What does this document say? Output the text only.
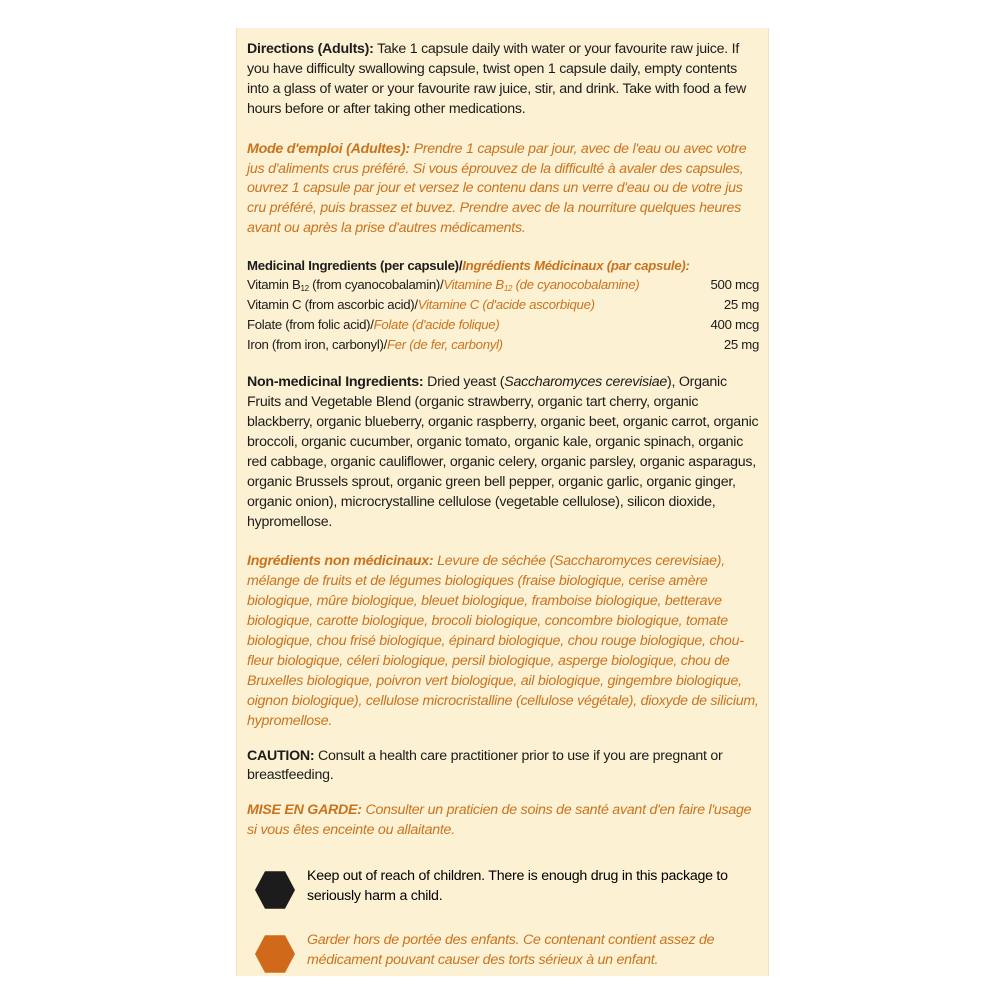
Directions (Adults): Take 1 capsule daily with water or your favourite raw juice. If you have difficulty swallowing capsule, twist open 1 capsule daily, empty contents into a glass of water or your favourite raw juice, stir, and drink. Take with food a few hours before or after taking other medications.

Mode d'emploi (Adultes): Prendre 1 capsule par jour, avec de l'eau ou avec votre jus d'aliments crus préféré. Si vous éprouvez de la difficulté à avaler des capsules, ouvrez 1 capsule par jour et versez le contenu dans un verre d'eau ou de votre jus cru préféré, puis brassez et buvez. Prendre avec de la nourriture quelques heures avant ou après la prise d'autres médicaments.

Medicinal Ingredients (per capsule)/Ingrédients Médicinaux (par capsule):
Vitamin $B_{12}$ (from cyanocobalamin)/Vitamine $B_{12}$ (de cyanocobalamine)	500 mcg
Vitamin C (from ascorbic acid)/Vitamine C (d'acide ascorbique)	25 mg
Folate (from folic acid)/Folate (d'acide folique)	400 mcg
Iron (from iron, carbonyl)/Fer (de fer, carbonyl)	25 mg

Non-medicinal Ingredients: Dried yeast (Saccharomyces cerevisiae), Organic Fruits and Vegetable Blend (organic strawberry, organic tart cherry, organic blackberry, organic blueberry, organic raspberry, organic beet, organic carrot, organic broccoli, organic cucumber, organic tomato, organic kale, organic spinach, organic red cabbage, organic cauliflower, organic celery, organic parsley, organic asparagus, organic Brussels sprout, organic green bell pepper, organic garlic, organic ginger, organic onion), microcrystalline cellulose (vegetable cellulose), silicon dioxide, hypromellose.

Ingrédients non médicinaux: Levure de séchée (Saccharomyces cerevisiae), mélange de fruits et de légumes biologiques (fraise biologique, cerise amère biologique, mûre biologique, bleuet biologique, framboise biologique, betterave biologique, carotte biologique, brocoli biologique, concombre biologique, tomate biologique, chou frisé biologique, épinard biologique, chou rouge biologique, chou-fleur biologique, céleri biologique, persil biologique, asperge biologique, chou de Bruxelles biologique, poivron vert biologique, ail biologique, gingembre biologique, oignon biologique), cellulose microcristalline (cellulose végétale), dioxyde de silicium, hypromellose.

CAUTION: Consult a health care practitioner prior to use if you are pregnant or breastfeeding.

MISE EN GARDE: Consulter un praticien de soins de santé avant d'en faire l'usage si vous êtes enceinte ou allaitante.

Keep out of reach of children. There is enough drug in this package to seriously harm a child.
Garder hors de portée des enfants. Ce contenant contient assez de médicament pouvant causer des torts sérieux à un enfant.
